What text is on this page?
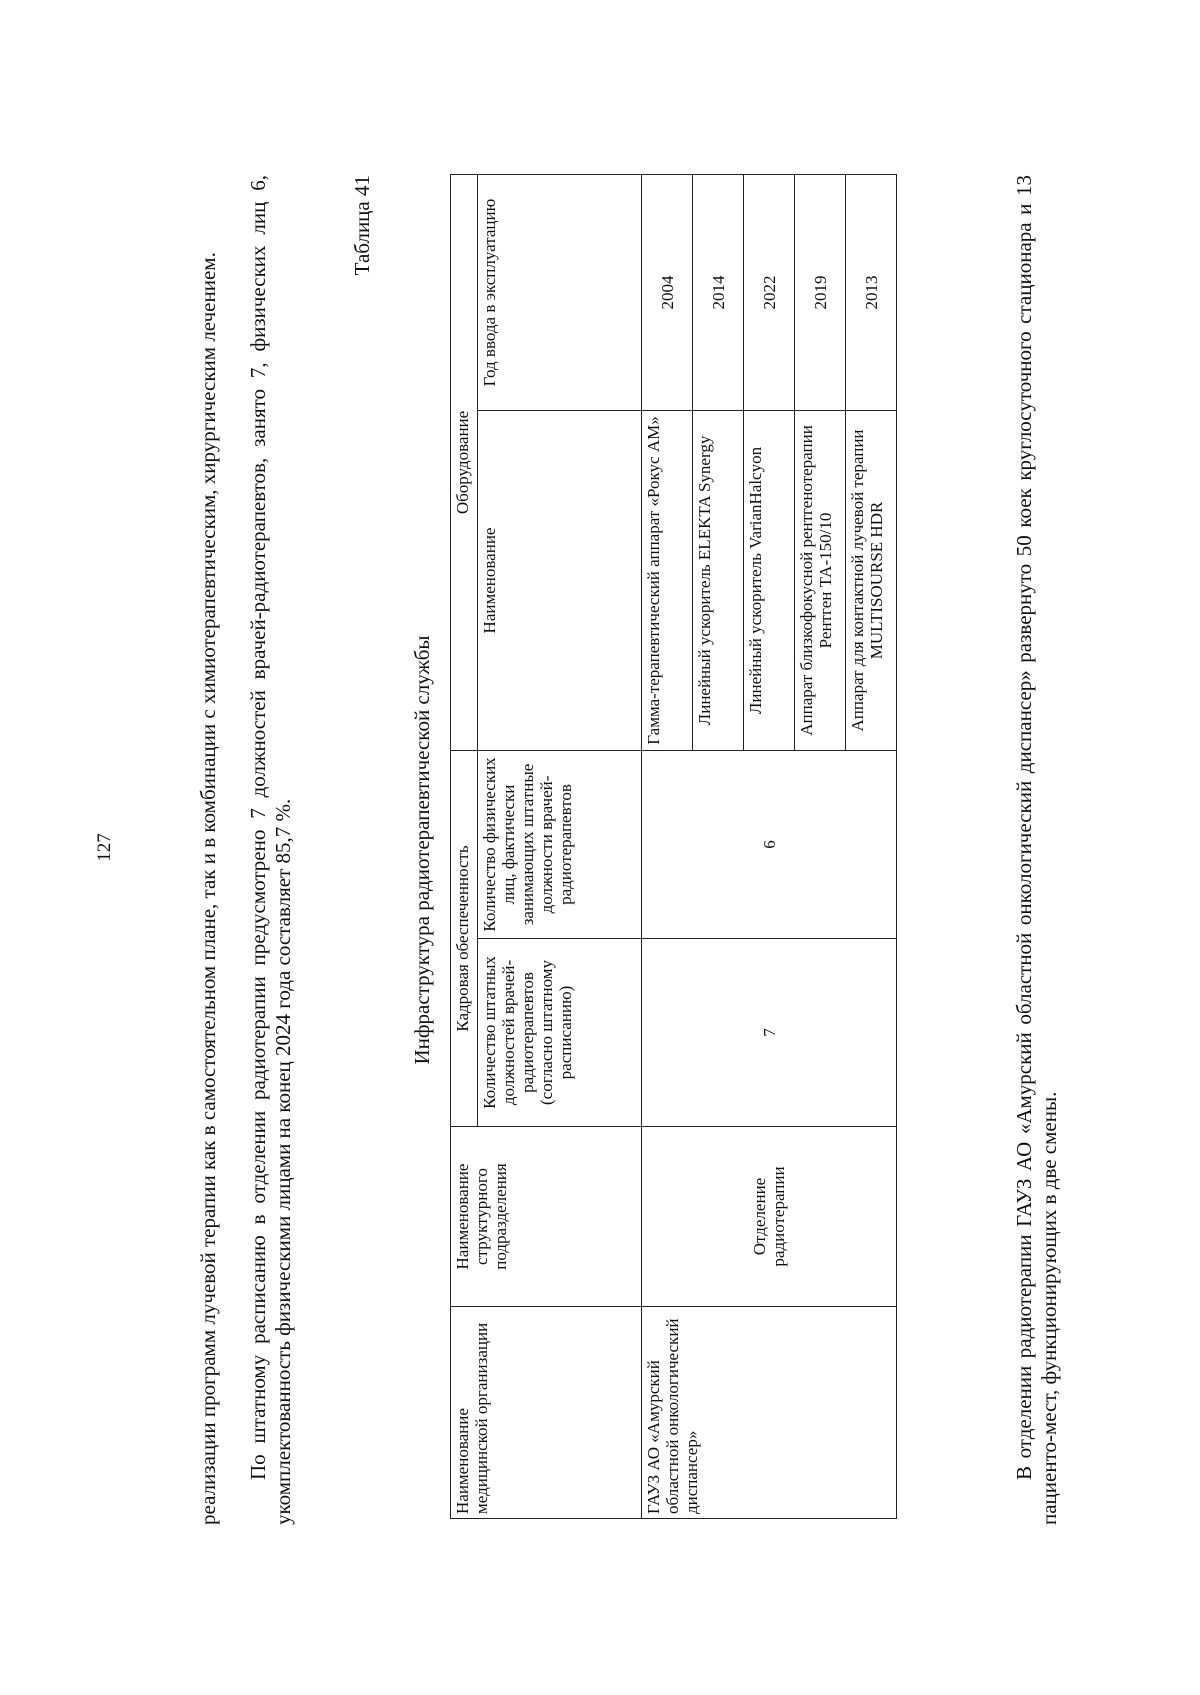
127	реализации программ лучевой терапии как в самостоятельном плане, так и в комбинации с химиотерапевтическим, хирургическим лечением. По штатному расписанию в отделении радиотерапии предусмотрено 7 должностей врачей-радиотерапевтов, занято 7, физических лиц 6, укомплектованность физическими лицами на конец 2024 года составляет 85,7 %.

Таблица 41
Инфраструктура радиотерапевтической службы
Наименование медицинской организации	Наименование структурного подразделения	Кадровая обеспеченность		Оборудование	
		Количество штатных должностей врачей-радиотерапевтов (согласно штатному расписанию)	Количество физических лиц, фактически занимающих штатные должности врачей-радиотерапевтов	Наименование	Год ввода в эксплуатацию
ГАУЗ АО «Амурский областной онкологический диспансер»	Отделение радиотерапии	7	6	Гамма-терапевтический аппарат «Рокус АМ»	2004
				Линейный ускоритель ELEKTA Synergy	2014
				Линейный ускоритель VarianHalcyon	2022
				Аппарат близкофокусной рентгенотерапии Рентген ТА-150/10	2019
				Аппарат для контактной лучевой терапии MULTISOURSE HDR	2013	В отделении радиотерапии ГАУЗ АО «Амурский областной онкологический диспансер» развернуто 50 коек круглосуточного стационара и 13 пациенто-мест, функционирующих в две смены.
